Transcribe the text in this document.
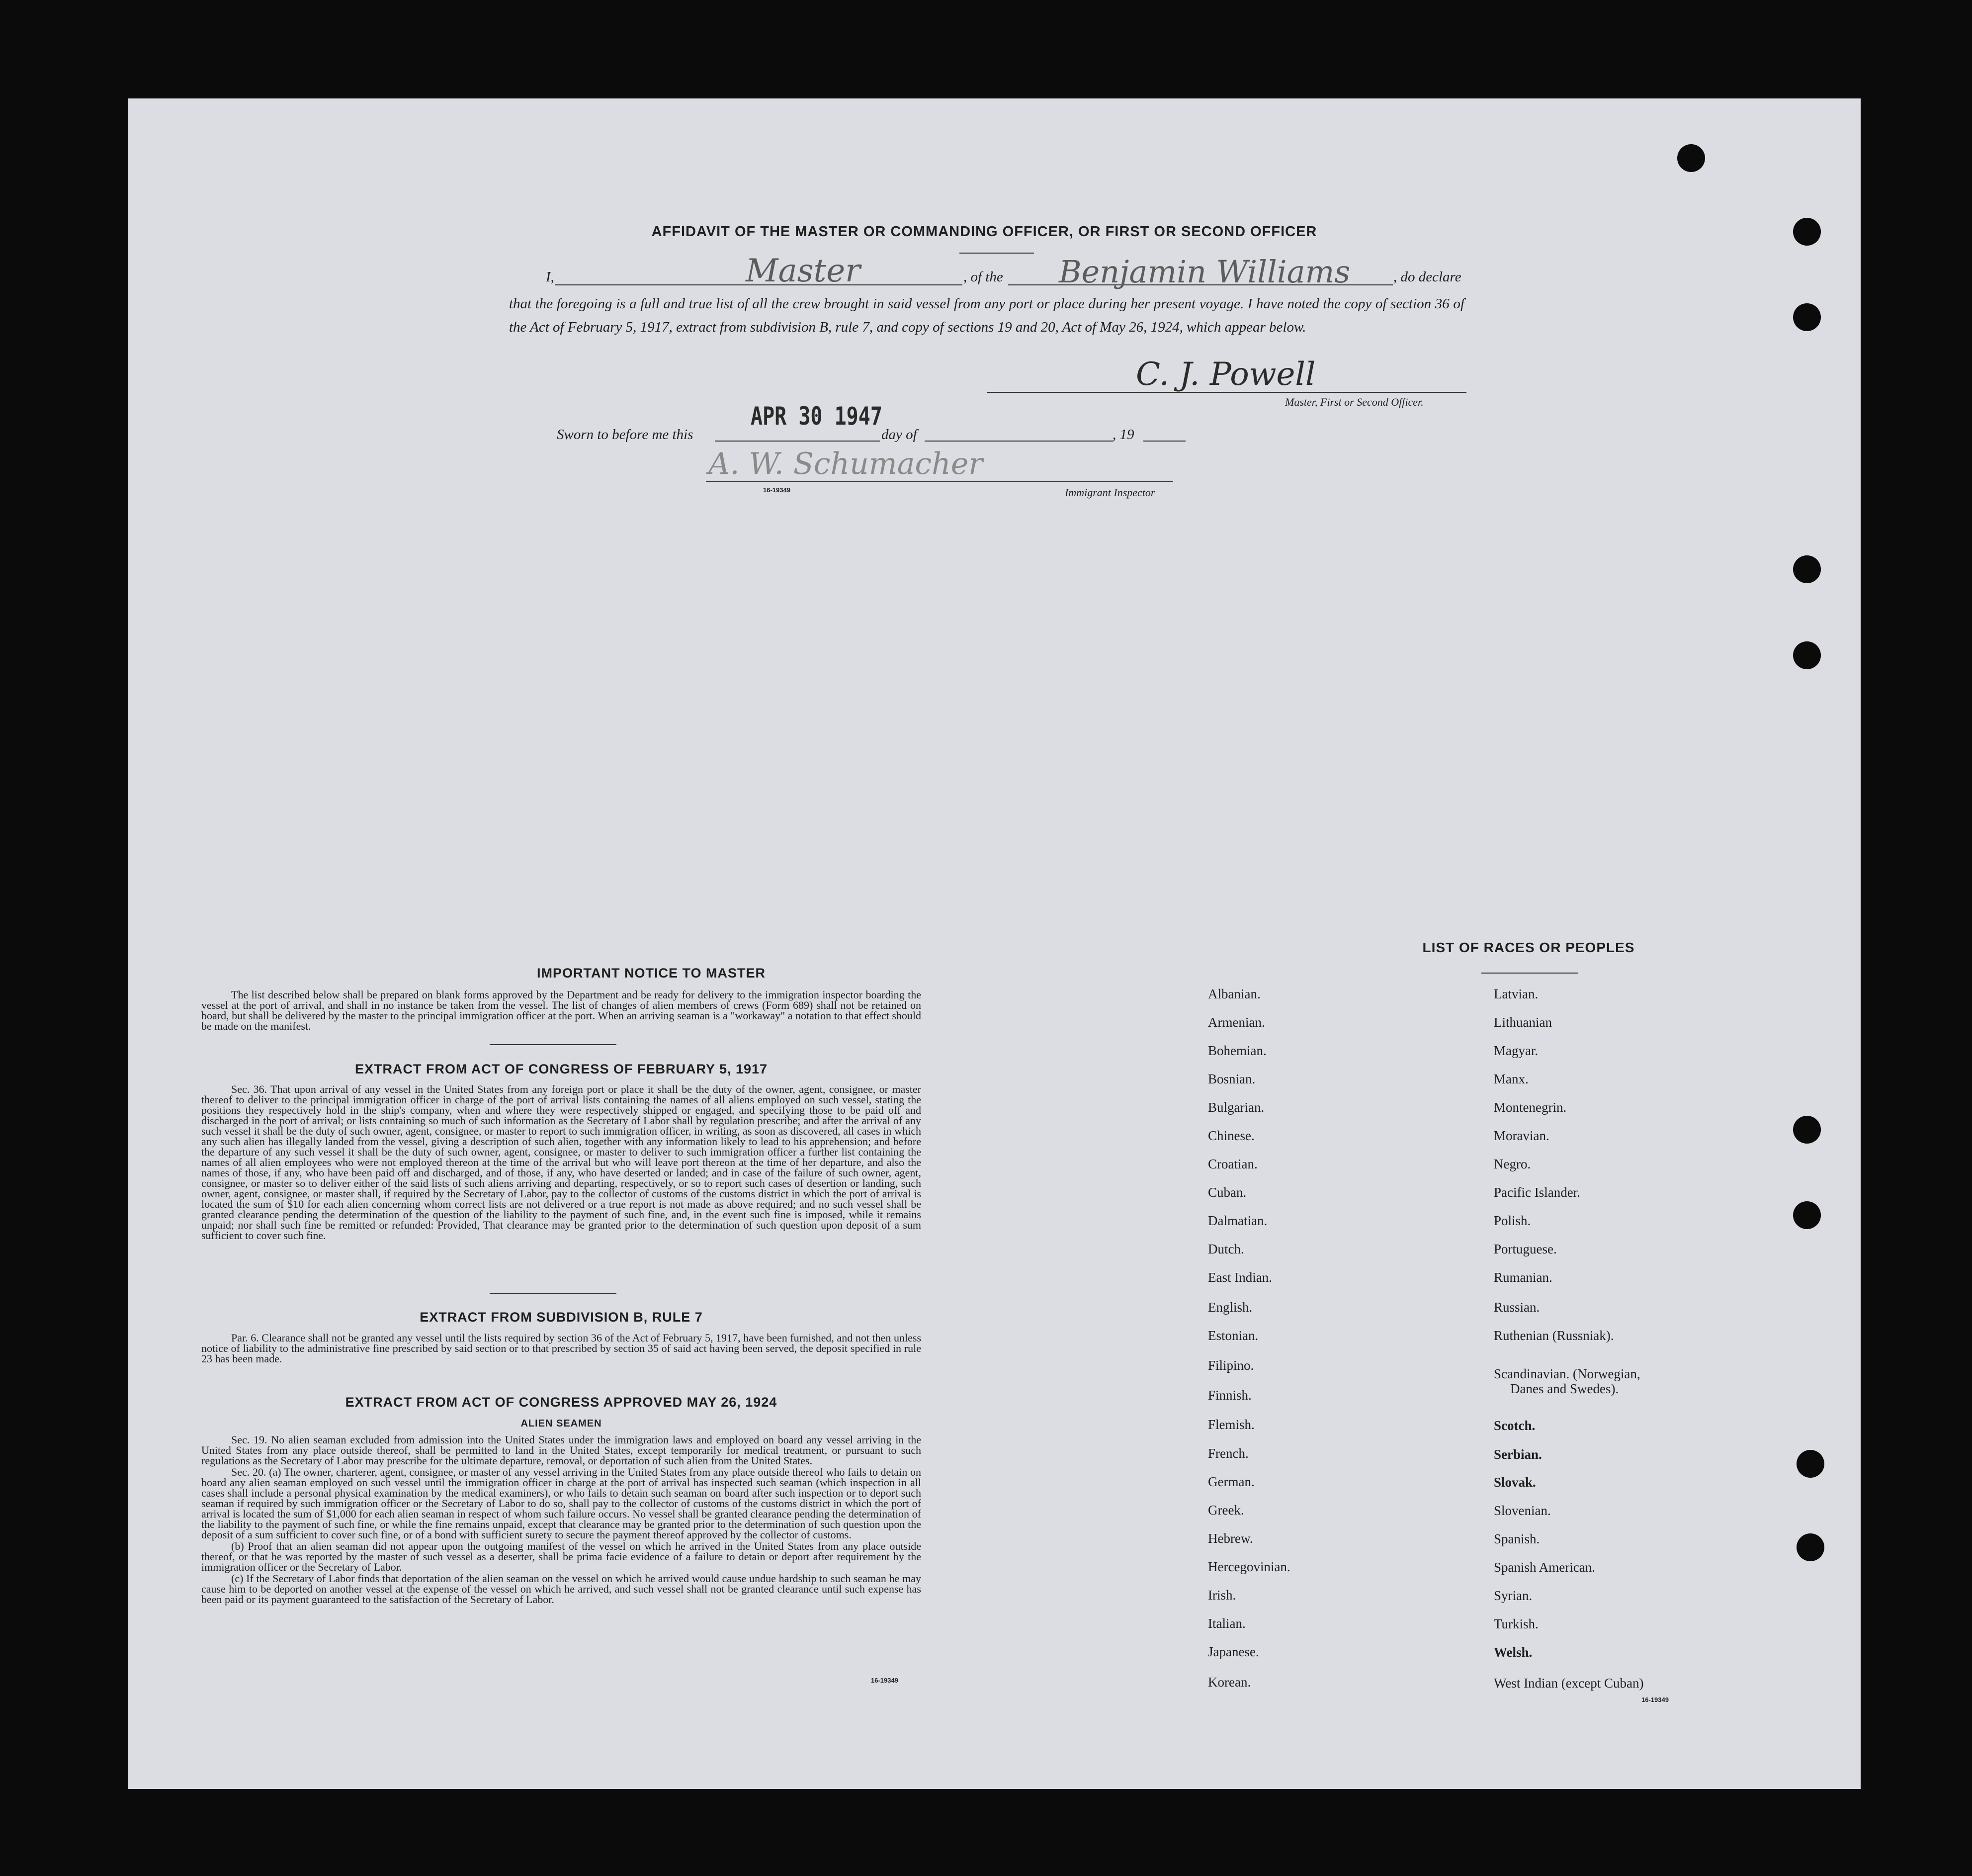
AFFIDAVIT OF THE MASTER OR COMMANDING OFFICER, OR FIRST OR SECOND OFFICER
I,	Master	, of the Benjamin Williams	, do declare
that the foregoing is a full and true list of all the crew brought in said vessel from any port or place during her present voyage. I have noted the copy of section 36 of the Act of February 5, 1917, extract from subdivision B, rule 7, and copy of sections 19 and 20, Act of May 26, 1924, which appear below.
C. J. Powell
Master, First or Second Officer.
APR 30 1947
Sworn to before me this	day of	, 19
A. W. Schumacher
16-19349	Immigrant Inspector
IMPORTANT NOTICE TO MASTER

The list described below shall be prepared on blank forms approved by the Department and be ready for delivery to the immigration inspector boarding the vessel at the port of arrival, and shall in no instance be taken from the vessel. The list of changes of alien members of crews (Form 689) shall not be retained on board, but shall be delivered by the master to the principal immigration officer at the port. When an arriving seaman is a "workaway" a notation to that effect should be made on the manifest.

EXTRACT FROM ACT OF CONGRESS OF FEBRUARY 5, 1917

Sec. 36. That upon arrival of any vessel in the United States from any foreign port or place it shall be the duty of the owner, agent, consignee, or master thereof to deliver to the principal immigration officer in charge of the port of arrival lists containing the names of all aliens employed on such vessel, stating the positions they respectively hold in the ship's company, when and where they were respectively shipped or engaged, and specifying those to be paid off and discharged in the port of arrival; or lists containing so much of such information as the Secretary of Labor shall by regulation prescribe; and after the arrival of any such vessel it shall be the duty of such owner, agent, consignee, or master to report to such immigration officer, in writing, as soon as discovered, all cases in which any such alien has illegally landed from the vessel, giving a description of such alien, together with any information likely to lead to his apprehension; and before the departure of any such vessel it shall be the duty of such owner, agent, consignee, or master to deliver to such immigration officer a further list containing the names of all alien employees who were not employed thereon at the time of the arrival but who will leave port thereon at the time of her departure, and also the names of those, if any, who have been paid off and discharged, and of those, if any, who have deserted or landed; and in case of the failure of such owner, agent, consignee, or master so to deliver either of the said lists of such aliens arriving and departing, respectively, or so to report such cases of desertion or landing, such owner, agent, consignee, or master shall, if required by the Secretary of Labor, pay to the collector of customs of the customs district in which the port of arrival is located the sum of $10 for each alien concerning whom correct lists are not delivered or a true report is not made as above required; and no such vessel shall be granted clearance pending the determination of the question of the liability to the payment of such fine, and, in the event such fine is imposed, while it remains unpaid; nor shall such fine be remitted or refunded: Provided, That clearance may be granted prior to the determination of such question upon deposit of a sum sufficient to cover such fine.

EXTRACT FROM SUBDIVISION B, RULE 7

Par. 6. Clearance shall not be granted any vessel until the lists required by section 36 of the Act of February 5, 1917, have been furnished, and not then unless notice of liability to the administrative fine prescribed by said section or to that prescribed by section 35 of said act having been served, the deposit specified in rule 23 has been made.

EXTRACT FROM ACT OF CONGRESS APPROVED MAY 26, 1924
ALIEN SEAMEN

Sec. 19. No alien seaman excluded from admission into the United States under the immigration laws and employed on board any vessel arriving in the United States from any place outside thereof, shall be permitted to land in the United States, except temporarily for medical treatment, or pursuant to such regulations as the Secretary of Labor may prescribe for the ultimate departure, removal, or deportation of such alien from the United States.

Sec. 20. (a) The owner, charterer, agent, consignee, or master of any vessel arriving in the United States from any place outside thereof who fails to detain on board any alien seaman employed on such vessel until the immigration officer in charge at the port of arrival has inspected such seaman (which inspection in all cases shall include a personal physical examination by the medical examiners), or who fails to detain such seaman on board after such inspection or to deport such seaman if required by such immigration officer or the Secretary of Labor to do so, shall pay to the collector of customs of the customs district in which the port of arrival is located the sum of $1,000 for each alien seaman in respect of whom such failure occurs. No vessel shall be granted clearance pending the determination of the liability to the payment of such fine, or while the fine remains unpaid, except that clearance may be granted prior to the determination of such question upon the deposit of a sum sufficient to cover such fine, or of a bond with sufficient surety to secure the payment thereof approved by the collector of customs.

(b) Proof that an alien seaman did not appear upon the outgoing manifest of the vessel on which he arrived in the United States from any place outside thereof, or that he was reported by the master of such vessel as a deserter, shall be prima facie evidence of a failure to detain or deport after requirement by the immigration officer or the Secretary of Labor.

(c) If the Secretary of Labor finds that deportation of the alien seaman on the vessel on which he arrived would cause undue hardship to such seaman he may cause him to be deported on another vessel at the expense of the vessel on which he arrived, and such vessel shall not be granted clearance until such expense has been paid or its payment guaranteed to the satisfaction of the Secretary of Labor.

16-19349
LIST OF RACES OR PEOPLES
Albanian.
Armenian.
Bohemian.
Bosnian.
Bulgarian.
Chinese.
Croatian.
Cuban.
Dalmatian.
Dutch.
East Indian.
English.
Estonian.
Filipino.
Finnish.
Flemish.
French.
German.
Greek.
Hebrew.
Hercegovinian.
Irish.
Italian.
Japanese.
Korean.
Latvian.
Lithuanian
Magyar.
Manx.
Montenegrin.
Moravian.
Negro.
Pacific Islander.
Polish.
Portuguese.
Rumanian.
Russian.
Ruthenian (Russniak).
Scandinavian. (Norwegian,
Danes and Swedes).
Scotch.
Serbian.
Slovak.
Slovenian.
Spanish.
Spanish American.
Syrian.
Turkish.
Welsh.
West Indian (except Cuban)
16-19349
